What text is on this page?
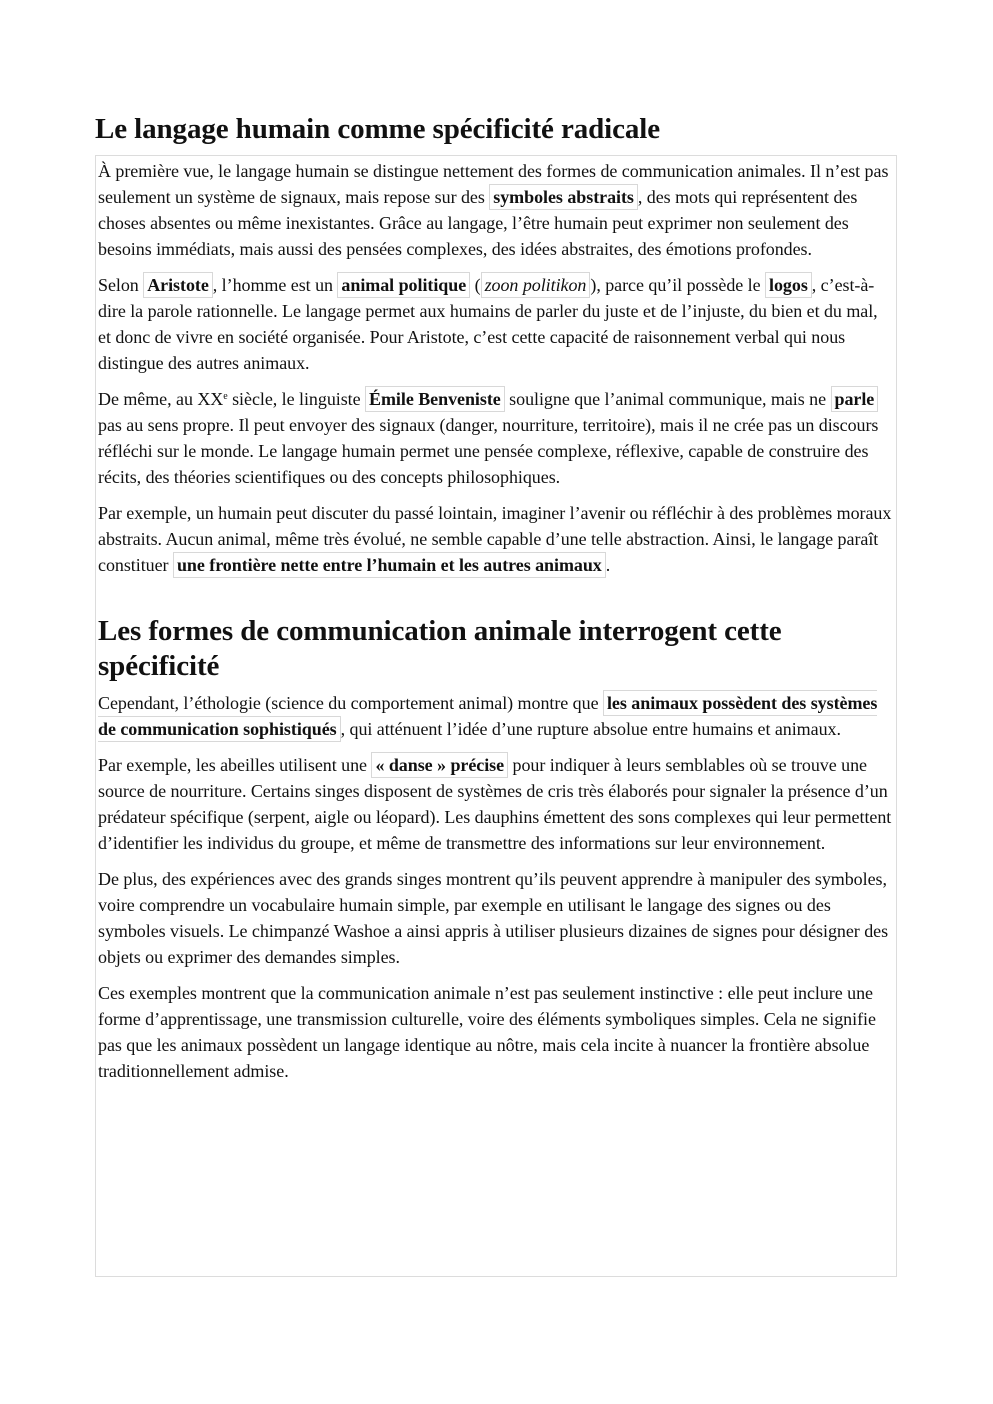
Le langage humain comme spécificité radicale

À première vue, le langage humain se distingue nettement des formes de communication animales. Il n’est pas seulement un système de signaux, mais repose sur des symboles abstraits , des mots qui représentent des choses absentes ou même inexistantes. Grâce au langage, l’être humain peut exprimer non seulement des besoins immédiats, mais aussi des pensées complexes, des idées abstraites, des émotions profondes.

Selon Aristote , l’homme est un animal politique ( zoon politikon ), parce qu’il possède le logos , c’est-à-dire la parole rationnelle. Le langage permet aux humains de parler du juste et de l’injuste, du bien et du mal, et donc de vivre en société organisée. Pour Aristote, c’est cette capacité de raisonnement verbal qui nous distingue des autres animaux.

De même, au XXe siècle, le linguiste Émile Benveniste souligne que l’animal communique, mais ne parle pas au sens propre. Il peut envoyer des signaux (danger, nourriture, territoire), mais il ne crée pas un discours réfléchi sur le monde. Le langage humain permet une pensée complexe, réflexive, capable de construire des récits, des théories scientifiques ou des concepts philosophiques.

Par exemple, un humain peut discuter du passé lointain, imaginer l’avenir ou réfléchir à des problèmes moraux abstraits. Aucun animal, même très évolué, ne semble capable d’une telle abstraction. Ainsi, le langage paraît constituer une frontière nette entre l’humain et les autres animaux .

Les formes de communication animale interrogent cette spécificité

Cependant, l’éthologie (science du comportement animal) montre que les animaux possèdent des systèmes de communication sophistiqués , qui atténuent l’idée d’une rupture absolue entre humains et animaux.

Par exemple, les abeilles utilisent une « danse » précise pour indiquer à leurs semblables où se trouve une source de nourriture. Certains singes disposent de systèmes de cris très élaborés pour signaler la présence d’un prédateur spécifique (serpent, aigle ou léopard). Les dauphins émettent des sons complexes qui leur permettent d’identifier les individus du groupe, et même de transmettre des informations sur leur environnement.

De plus, des expériences avec des grands singes montrent qu’ils peuvent apprendre à manipuler des symboles, voire comprendre un vocabulaire humain simple, par exemple en utilisant le langage des signes ou des symboles visuels. Le chimpanzé Washoe a ainsi appris à utiliser plusieurs dizaines de signes pour désigner des objets ou exprimer des demandes simples.

Ces exemples montrent que la communication animale n’est pas seulement instinctive : elle peut inclure une forme d’apprentissage, une transmission culturelle, voire des éléments symboliques simples. Cela ne signifie pas que les animaux possèdent un langage identique au nôtre, mais cela incite à nuancer la frontière absolue traditionnellement admise.
